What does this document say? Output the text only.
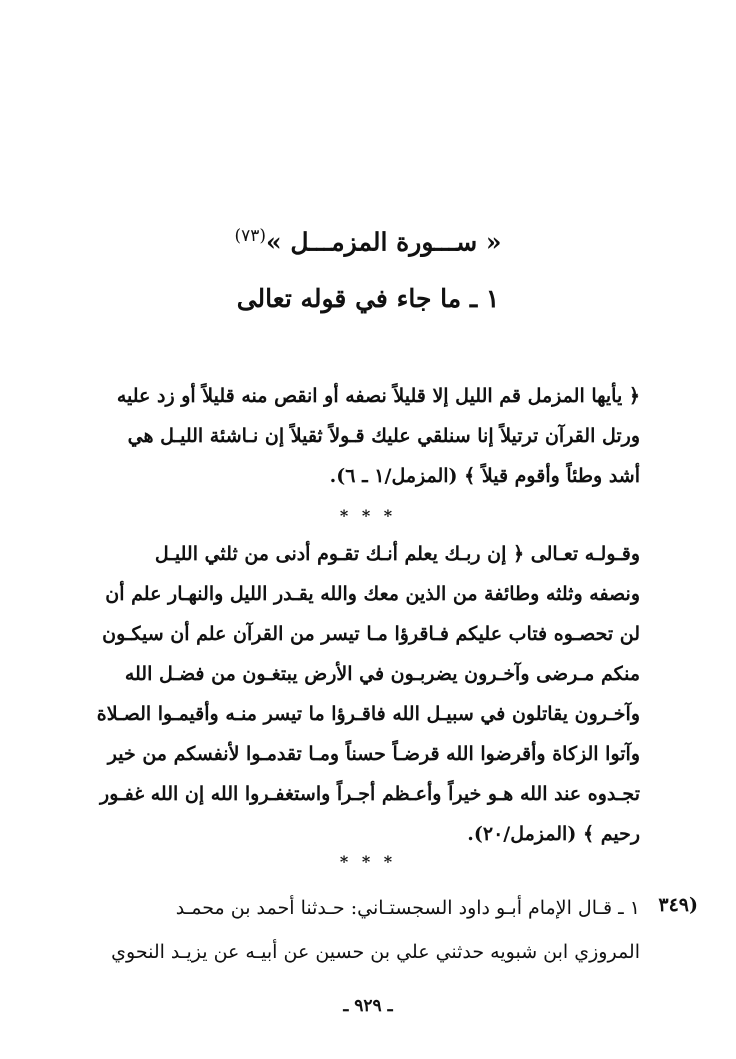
« ســـورة المزمـــل »$^{(٧٣)}$
١ ـ ما جاء في قوله تعالى
﴿ يأيها المزمل قم الليل إلا قليلاً نصفه أو انقص منه قليلاً أو زد عليه
ورتل القرآن ترتيلاً إنا سنلقي عليك قـولاً ثقيلاً إن نـاشئة الليـل هي
أشد وطئاً وأقوم قيلاً ﴾ (المزمل/١ ـ ٦).
* * *
وقـولـه تعـالى ﴿ إن ربـك يعلم أنـك تقـوم أدنى من ثلثي الليـل
ونصفه وثلثه وطائفة من الذين معك والله يقـدر الليل والنهـار علم أن
لن تحصـوه فتاب عليكم فـاقرؤا مـا تيسر من القرآن علم أن سيكـون
منكم مـرضى وآخـرون يضربـون في الأرض يبتغـون من فضـل الله
وآخـرون يقاتلون في سبيـل الله فاقـرؤا ما تيسر منـه وأقيمـوا الصـلاة
وآتوا الزكاة وأقرضوا الله قرضـاً حسناً ومـا تقدمـوا لأنفسكم من خير
تجـدوه عند الله هـو خيراً وأعـظم أجـراً واستغفـروا الله إن الله غفـور
رحيم ﴾ (المزمل/٢٠).
* * *
(٣٤٩
١ ـ قـال الإمام أبـو داود السجستـاني: حـدثنا أحمد بن محمـد
المروزي ابن شبويه حدثني علي بن حسين عن أبيـه عن يزيـد النحوي
ـ ٩٢٩ ـ
